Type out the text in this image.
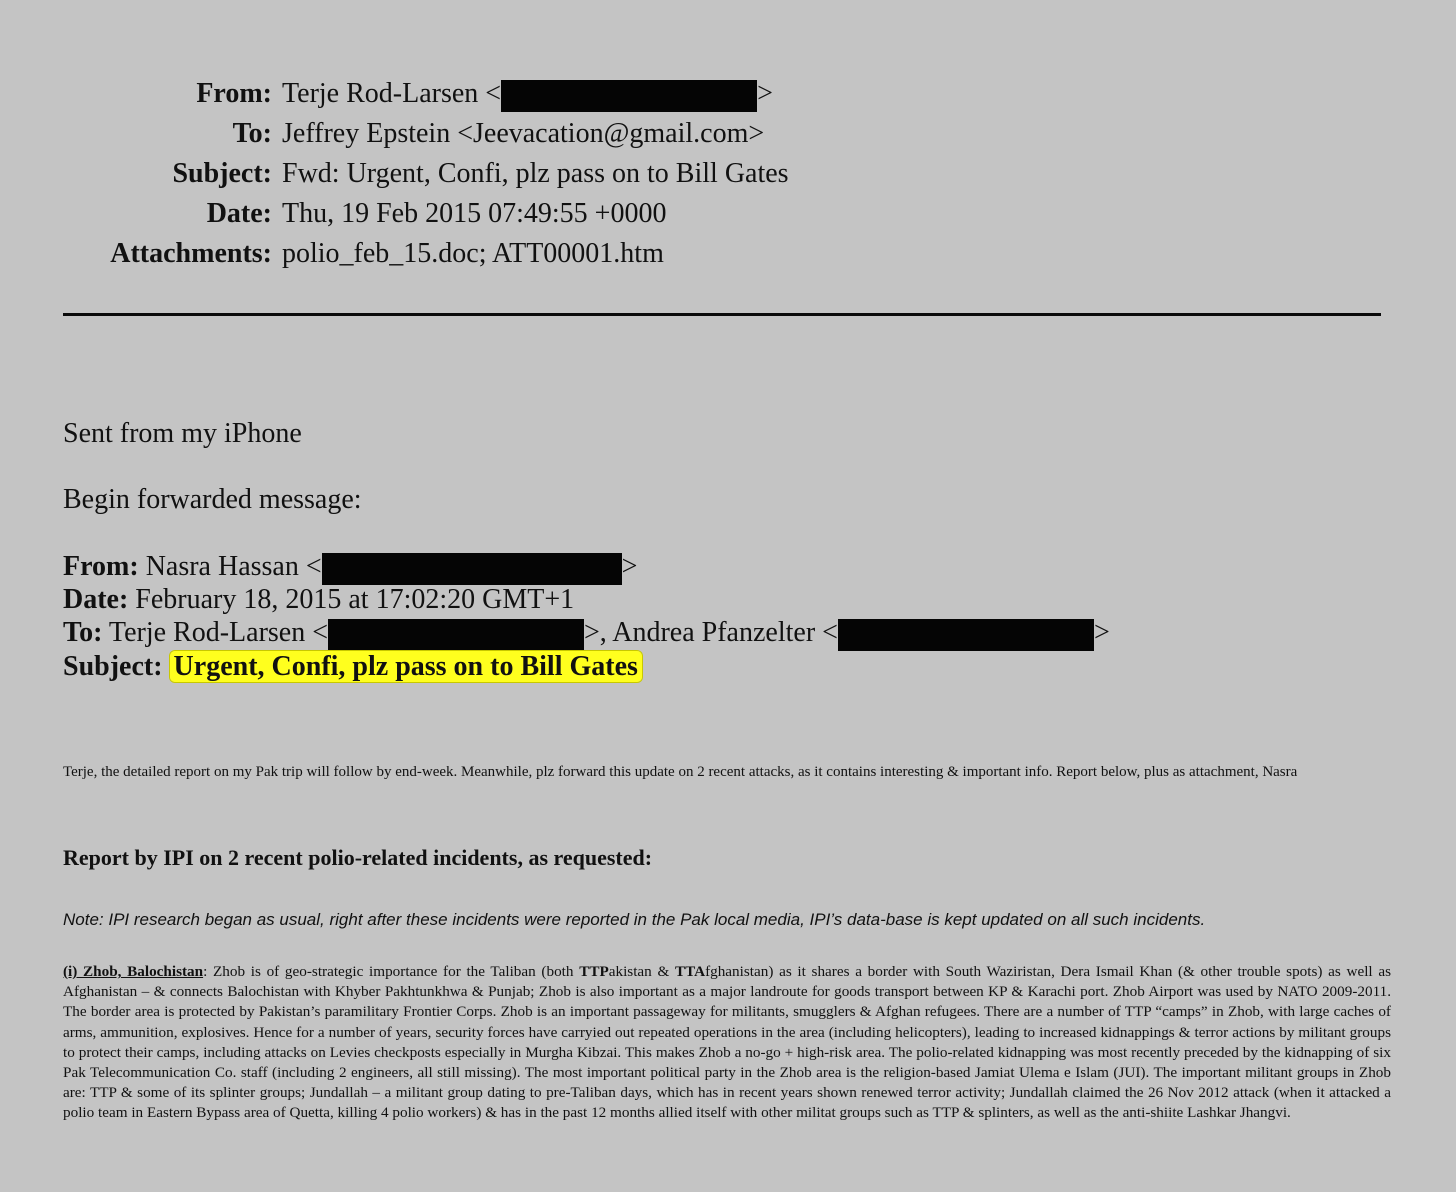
From: Terje Rod-Larsen <	>
To: Jeffrey Epstein <Jeevacation@gmail.com>
Subject: Fwd: Urgent, Confi, plz pass on to Bill Gates
Date: Thu, 19 Feb 2015 07:49:55 +0000
Attachments: polio_feb_15.doc; ATT00001.htm
Sent from my iPhone
Begin forwarded message:
From: Nasra Hassan <	>
Date: February 18, 2015 at 17:02:20 GMT+1
To: Terje Rod-Larsen <	>, Andrea Pfanzelter <	>
Subject: Urgent, Confi, plz pass on to Bill Gates
Terje, the detailed report on my Pak trip will follow by end-week. Meanwhile, plz forward this update on 2 recent attacks, as it contains interesting & important info. Report below, plus as attachment, Nasra
Report by IPI on 2 recent polio-related incidents, as requested:
Note: IPI research began as usual, right after these incidents were reported in the Pak local media, IPI’s data-base is kept updated on all such incidents.
(i) Zhob, Balochistan: Zhob is of geo-strategic importance for the Taliban (both TTPakistan & TTAfghanistan) as it shares a border with South Waziristan, Dera Ismail Khan (& other trouble spots) as well as Afghanistan – & connects Balochistan with Khyber Pakhtunkhwa & Punjab; Zhob is also important as a major landroute for goods transport between KP & Karachi port. Zhob Airport was used by NATO 2009-2011. The border area is protected by Pakistan’s paramilitary Frontier Corps. Zhob is an important passageway for militants, smugglers & Afghan refugees. There are a number of TTP “camps” in Zhob, with large caches of arms, ammunition, explosives. Hence for a number of years, security forces have carryied out repeated operations in the area (including helicopters), leading to increased kidnappings & terror actions by militant groups to protect their camps, including attacks on Levies checkposts especially in Murgha Kibzai. This makes Zhob a no-go + high-risk area. The polio-related kidnapping was most recently preceded by the kidnapping of six Pak Telecommunication Co. staff (including 2 engineers, all still missing). The most important political party in the Zhob area is the religion-based Jamiat Ulema e Islam (JUI). The important militant groups in Zhob are: TTP & some of its splinter groups; Jundallah – a militant group dating to pre-Taliban days, which has in recent years shown renewed terror activity; Jundallah claimed the 26 Nov 2012 attack (when it attacked a polio team in Eastern Bypass area of Quetta, killing 4 polio workers) & has in the past 12 months allied itself with other militat groups such as TTP & splinters, as well as the anti-shiite Lashkar Jhangvi.
